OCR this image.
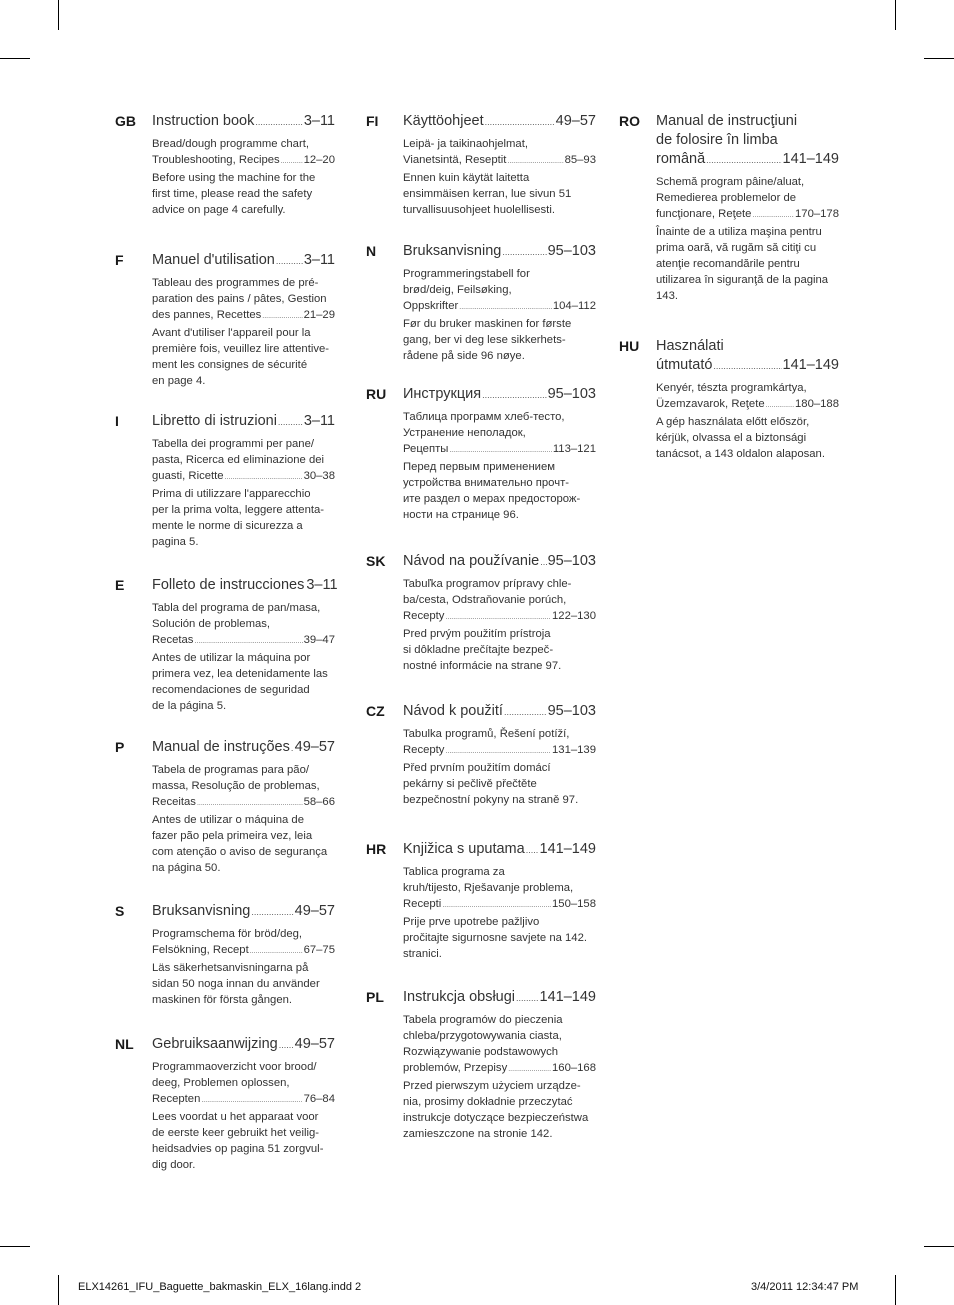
GB Instruction book .....	3–11
Bread/dough programme chart,
Troubleshooting, Recipes ..... 12–20
Before using the machine for the
first time, please read the safety
advice on page 4 carefully.
F Manuel d'utilisation ..... 3–11
Tableau des programmes de pré-
paration des pains / pâtes, Gestion
des pannes, Recettes .....	21–29
Avant d'utiliser l'appareil pour la
première fois, veuillez lire attentive-
ment les consignes de sécurité
en page 4.
I Libretto di istruzioni ..... 3–11
Tabella dei programmi per pane/
pasta, Ricerca ed eliminazione dei
guasti, Ricette .....	30–38
Prima di utilizzare l'apparecchio
per la prima volta, leggere attenta-
mente le norme di sicurezza a
pagina 5.
E Folleto de instrucciones 3–11
Tabla del programa de pan/masa,
Solución de problemas,
Recetas .....	39–47
Antes de utilizar la máquina por
primera vez, lea detenidamente las
recomendaciones de seguridad
de la página 5.
P Manual de instruções ..... 49–57
Tabela de programas para pão/
massa, Resolução de problemas,
Receitas .....	58–66
Antes de utilizar o máquina de
fazer pão pela primeira vez, leia
com atenção o aviso de segurança
na página 50.
S Bruksanvisning .....	49–57
Programschema för bröd/deg,
Felsökning, Recept .....	67–75
Läs säkerhetsanvisningarna på
sidan 50 noga innan du använder
maskinen för första gången.
NL Gebruiksaanwijzing ..... 49–57
Programmaoverzicht voor brood/
deeg, Problemen oplossen,
Recepten .....	76–84
Lees voordat u het apparaat voor
de eerste keer gebruikt het veilig-
heidsadvies op pagina 51 zorgvul-
dig door.
FI Käyttöohjeet .....	49–57
Leipä- ja taikinaohjelmat,
Vianetsintä, Reseptit .....	85–93
Ennen kuin käytät laitetta
ensimmäisen kerran, lue sivun 51
turvallisuusohjeet huolellisesti.
N Bruksanvisning .....	95–103
Programmeringstabell for
brød/deig, Feilsøking,
Oppskrifter .....	104–112
Før du bruker maskinen for første
gang, ber vi deg lese sikkerhets-
rådene på side 96 nøye.
RU Инструкция .....	95–103
Таблица программ хлеб-тесто,
Устранение неполадок,
Рецепты .....	113–121
Перед первым применением
устройства внимательно прочт-
ите раздел о мерах предосторож-
ности на странице 96.
SK Návod na používanie ..... 95–103
Tabuľka programov prípravy chle-
ba/cesta, Odstraňovanie porúch,
Recepty .....	122–130
Pred prvým použitím prístroja
si dôkladne prečítajte bezpeč-
nostné informácie na strane 97.
CZ Návod k použití .....	95–103
Tabulka programů, Řešení potíží,
Recepty .....	131–139
Před prvním použitím domácí
pekárny si pečlivě přečtěte
bezpečnostní pokyny na straně 97.
HR Knjižica s uputama ..... 141–149
Tablica programa za
kruh/tijesto, Rješavanje problema,
Recepti .....	150–158
Prije prve upotrebe pažljivo
pročitajte sigurnosne savjete na 142.
stranici.
PL Instrukcja obsługi ..... 141–149
Tabela programów do pieczenia
chleba/przygotowywania ciasta,
Rozwiązywanie podstawowych
problemów, Przepisy .....	160–168
Przed pierwszym użyciem urządze-
nia, prosimy dokładnie przeczytać
instrukcje dotyczące bezpieczeństwa
zamieszczone na stronie 142.
RO Manual de instrucţiuni
de folosire în limba
română .....	141–149
Schemă program pâine/aluat,
Remedierea problemelor de
funcţionare, Reţete .....	170–178
Înainte de a utiliza maşina pentru
prima oară, vă rugăm să citiţi cu
atenţie recomandările pentru
utilizarea în siguranţă de la pagina
143.
HU Használati
útmutató .....	141–149
Kenyér, tészta programkártya,
Üzemzavarok, Reţete .....	180–188
A gép használata előtt először,
kérjük, olvassa el a biztonsági
tanácsot, a 143 oldalon alaposan.
ELX14261_IFU_Baguette_bakmaskin_ELX_16lang.indd 2	3/4/2011 12:34:47 PM
